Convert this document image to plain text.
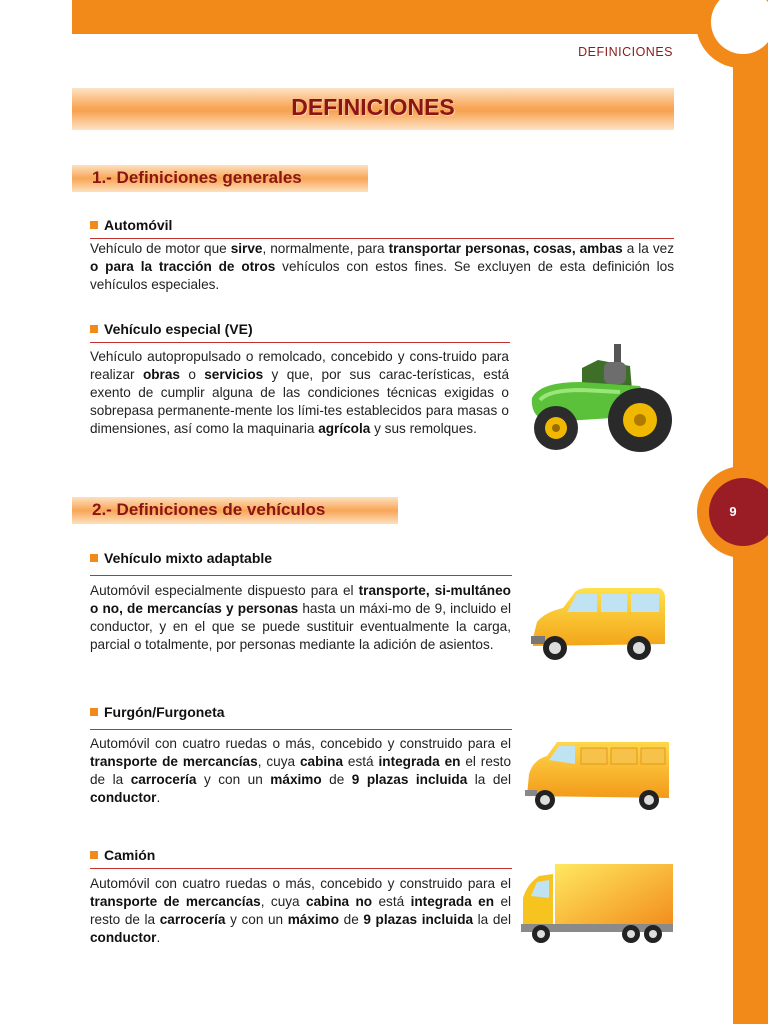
DEFINICIONES
DEFINICIONES
1.- Definiciones generales
Automóvil
Vehículo de motor que sirve, normalmente, para transportar personas, cosas, ambas a la vez o para la tracción de otros vehículos con estos fines. Se excluyen de esta definición los vehículos especiales.
Vehículo especial (VE)
Vehículo autopropulsado o remolcado, concebido y cons-truido para realizar obras o servicios y que, por sus carac-terísticas, está exento de cumplir alguna de las condiciones técnicas exigidas o sobrepasa permanente-mente los lími-tes establecidos para masas o dimensiones, así como la maquinaria agrícola y sus remolques.
2.- Definiciones de vehículos	9
Vehículo mixto adaptable
Automóvil especialmente dispuesto para el transporte, si-multáneo o no, de mercancías y personas hasta un máxi-mo de 9, incluido el conductor, y en el que se puede sustituir eventualmente la carga, parcial o totalmente, por personas mediante la adición de asientos.
Furgón/Furgoneta
Automóvil con cuatro ruedas o más, concebido y construido para el transporte de mercancías, cuya cabina está integrada en el resto de la carrocería y con un máximo de 9 plazas incluida la del conductor.
Camión
Automóvil con cuatro ruedas o más, concebido y construido para el transporte de mercancías, cuya cabina no está integrada en el resto de la carrocería y con un máximo de 9 plazas incluida la del conductor.
